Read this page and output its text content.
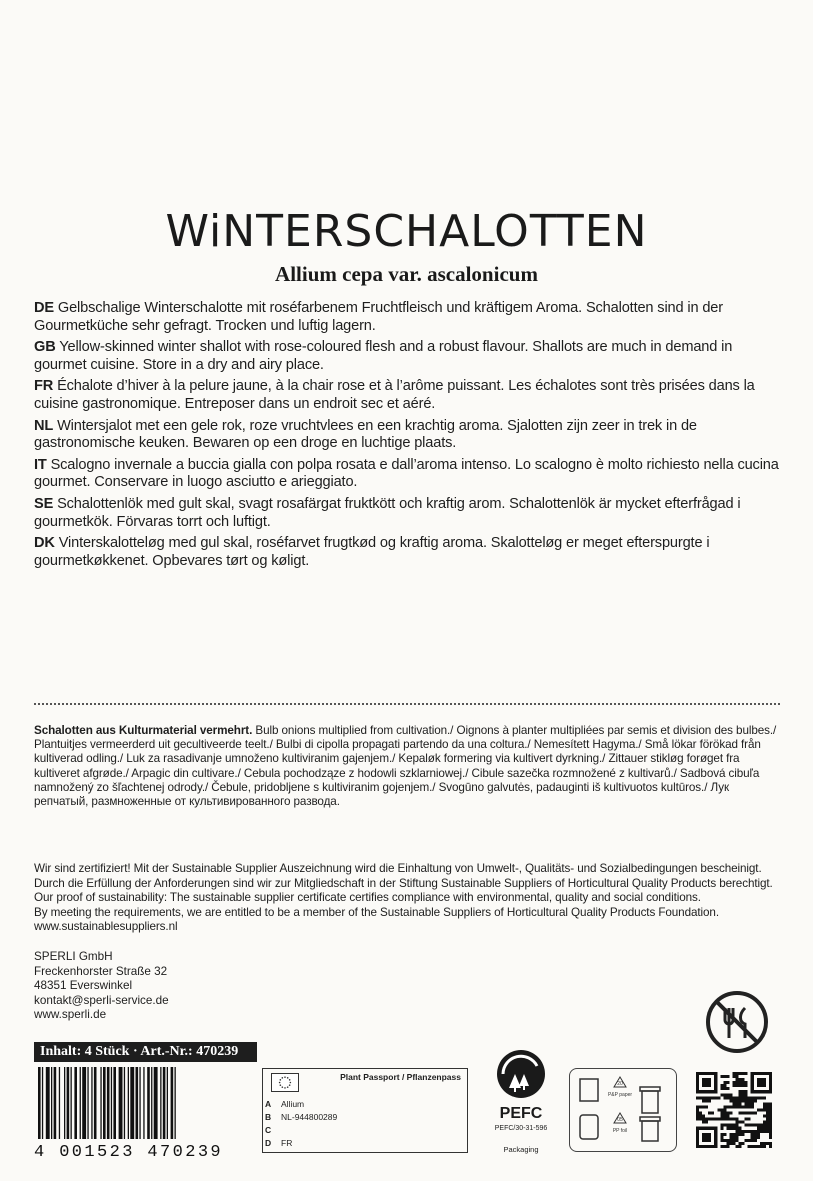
WiNTERSCHALOTTEN
Allium cepa var. ascalonicum

DE Gelbschalige Winterschalotte mit roséfarbenem Fruchtfleisch und kräftigem Aroma. Schalotten sind in der Gourmetküche sehr gefragt. Trocken und luftig lagern.

GB Yellow-skinned winter shallot with rose-coloured flesh and a robust flavour. Shallots are much in demand in gourmet cuisine. Store in a dry and airy place.

FR Échalote d’hiver à la pelure jaune, à la chair rose et à l’arôme puissant. Les échalotes sont très prisées dans la cuisine gastronomique. Entreposer dans un endroit sec et aéré.

NL Wintersjalot met een gele rok, roze vruchtvlees en een krachtig aroma. Sjalotten zijn zeer in trek in de gastronomische keuken. Bewaren op een droge en luchtige plaats.

IT Scalogno invernale a buccia gialla con polpa rosata e dall’aroma intenso. Lo scalogno è molto richiesto nella cucina gourmet. Conservare in luogo asciutto e arieggiato.

SE Schalottenlök med gult skal, svagt rosafärgat fruktkött och kraftig arom. Schalottenlök är mycket efterfrågad i gourmetkök. Förvaras torrt och luftigt.

DK Vinterskalotteløg med gul skal, roséfarvet frugtkød og kraftig aroma. Skalotteløg er meget efterspurgte i gourmetkøkkenet. Opbevares tørt og køligt.

Schalotten aus Kulturmaterial vermehrt. Bulb onions multiplied from cultivation./ Oignons à planter multipliées par semis et division des bulbes./ Plantuitjes vermeerderd uit gecultiveerde teelt./ Bulbi di cipolla propagati partendo da una coltura./ Nemesített Hagyma./ Små lökar förökad från kultiverad odling./ Luk za rasadivanje umnoženo kultiviranim gajenjem./ Kepaløk formering via kultivert dyrkning./ Zittauer stikløg forøget fra kultiveret afgrøde./ Arpagic din cultivare./ Cebula pochodząze z hodowli szklarniowej./ Cibule sazečka rozmnožené z kultivarů./ Sadbová cibuľa namnožený zo šľachtenej odrody./ Čebule, pridobljene s kultiviranim gojenjem./ Svogūno galvutės, padauginti iš kultivuotos kultūros./ Лук репчатый, размноженные от культивированного развода.
Wir sind zertifiziert! Mit der Sustainable Supplier Auszeichnung wird die Einhaltung von Umwelt-, Qualitäts- und Sozialbedingungen bescheinigt.
Durch die Erfüllung der Anforderungen sind wir zur Mitgliedschaft in der Stiftung Sustainable Suppliers of Horticultural Quality Products berechtigt.
Our proof of sustainability: The sustainable supplier certificate certifies compliance with environmental, quality and social conditions.
By meeting the requirements, we are entitled to be a member of the Sustainable Suppliers of Horticultural Quality Products Foundation.
www.sustainablesuppliers.nl
SPERLI GmbH
Freckenhorster Straße 32
48351 Everswinkel
kontakt@sperli-service.de
www.sperli.de
Inhalt: 4 Stück · Art.-Nr.: 470239
4 001523 470239
Plant Passport / Pflanzenpass
A Allium
B NL-944800289
C
D FR
PEFC
PEFC/30-31-596
Packaging
20
P&P paper
05
PP foil
